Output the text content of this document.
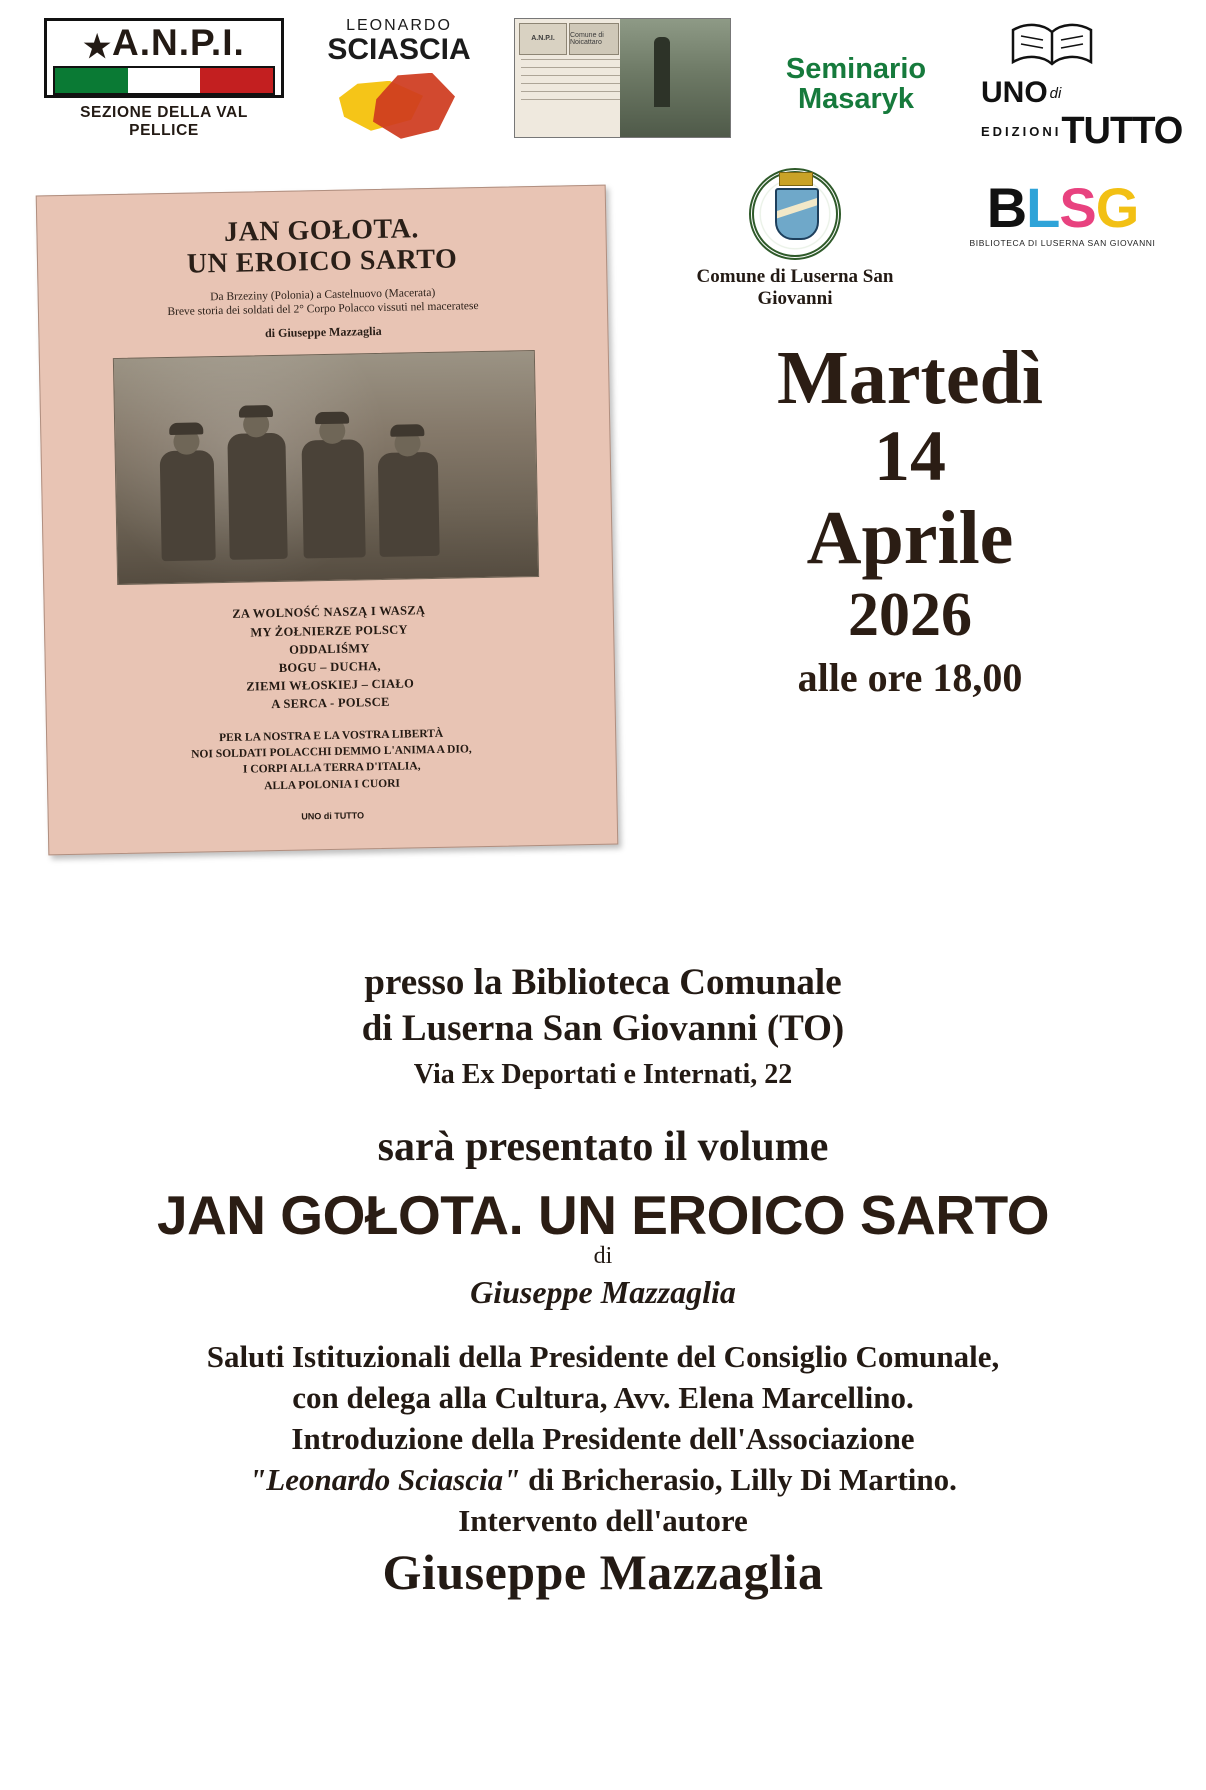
★A.N.P.I.
SEZIONE DELLA VAL PELLICE
LEONARDO
SCIASCIA	A.N.P.I.	Comune di Noicattaro
Seminario
Masaryk	UNO di
EDIZIONI TUTTO
Comune di Luserna San Giovanni
BLSG
BIBLIOTECA DI LUSERNA SAN GIOVANNI
JAN GOŁOTA.
UN EROICO SARTO
Da Brzeziny (Polonia) a Castelnuovo (Macerata)
Breve storia dei soldati del 2° Corpo Polacco vissuti nel maceratese
di Giuseppe Mazzaglia
ZA WOLNOŚĆ NASZĄ I WASZĄ
MY ŻOŁNIERZE POLSCY
ODDALIŚMY
BOGU – DUCHA,
ZIEMI WŁOSKIEJ – CIAŁO
A SERCA - POLSCE
PER LA NOSTRA E LA VOSTRA LIBERTÀ
NOI SOLDATI POLACCHI DEMMO L'ANIMA A DIO,
I CORPI ALLA TERRA D'ITALIA,
ALLA POLONIA I CUORI
UNO di TUTTO
Martedì
14
Aprile
2026
alle ore 18,00
presso la Biblioteca Comunale
di Luserna San Giovanni (TO)
Via Ex Deportati e Internati, 22
sarà presentato il volume
JAN GOŁOTA. UN EROICO SARTO
di
Giuseppe Mazzaglia
Saluti Istituzionali della Presidente del Consiglio Comunale,
con delega alla Cultura, Avv. Elena Marcellino.
Introduzione della Presidente dell'Associazione
"Leonardo Sciascia" di Bricherasio, Lilly Di Martino.
Intervento dell'autore
Giuseppe Mazzaglia
